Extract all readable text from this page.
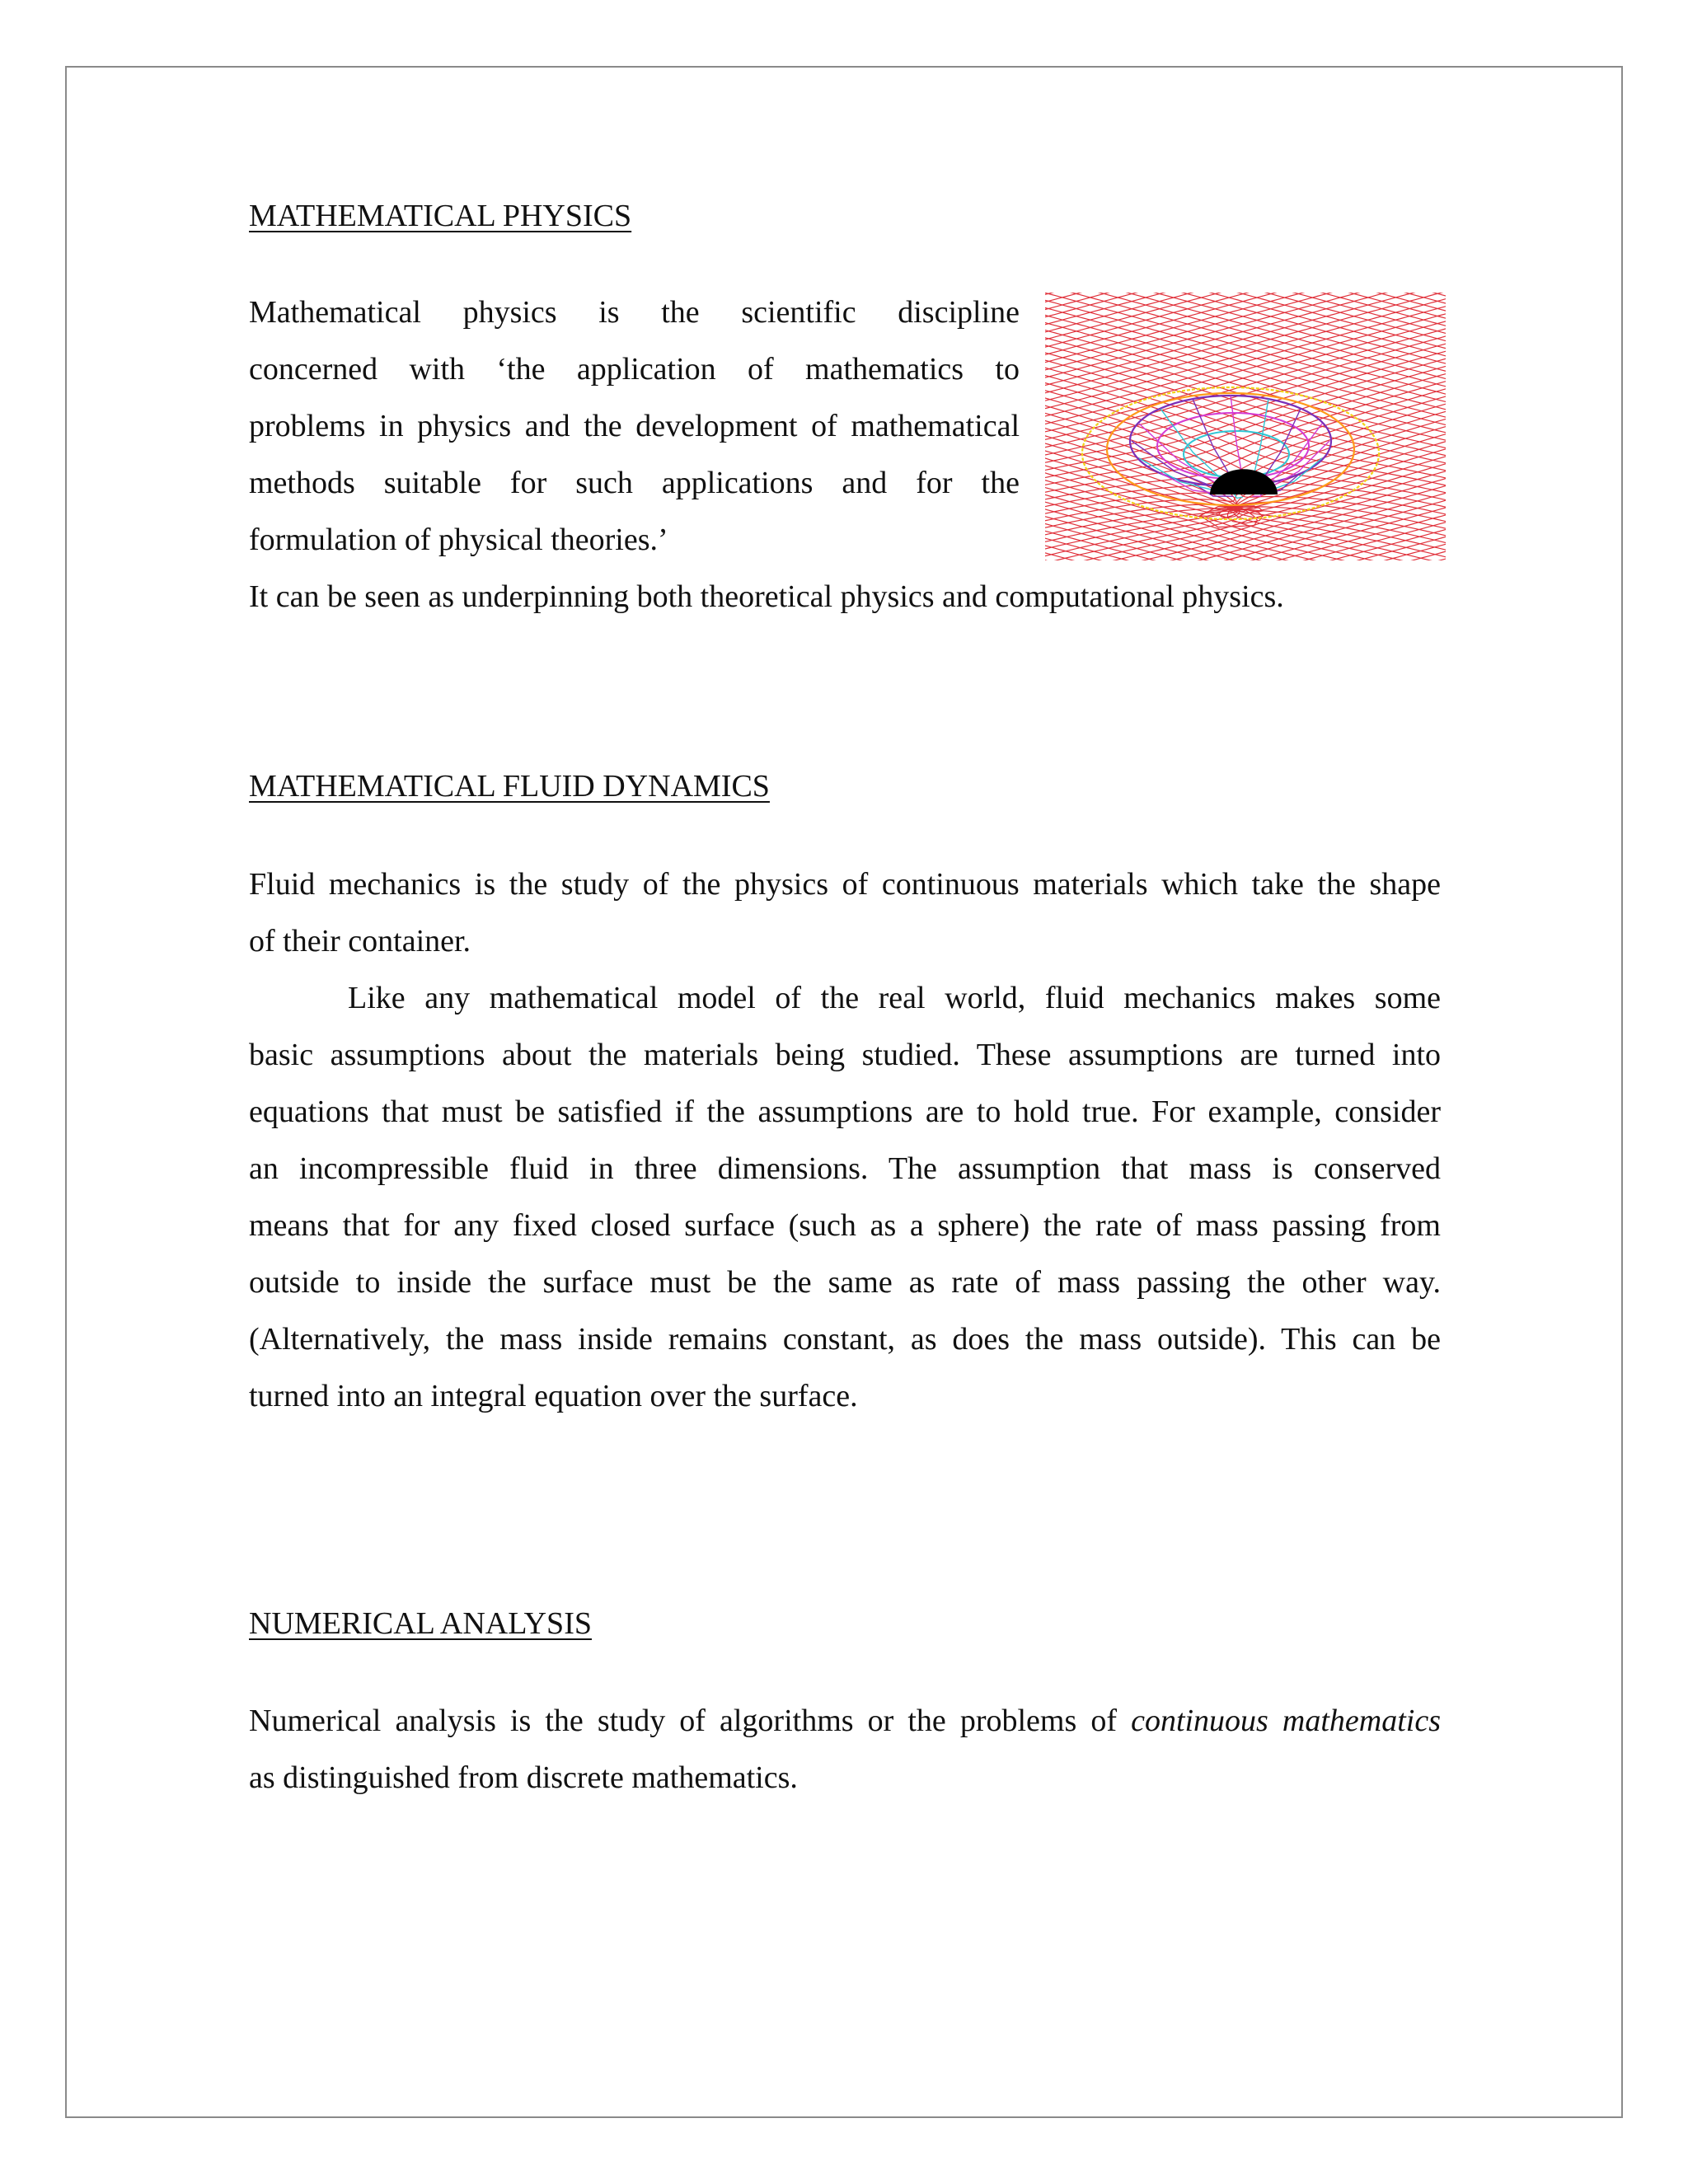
MATHEMATICAL PHYSICS
Mathematical physics is the scientific discipline
concerned with ‘the application of mathematics to
problems in physics and the development of mathematical
methods suitable for such applications and for the
formulation of physical theories.’
It can be seen as underpinning both theoretical physics and computational physics.
MATHEMATICAL FLUID DYNAMICS
Fluid mechanics is the study of the physics of continuous materials which take the shape
of their container.
Like any mathematical model of the real world, fluid mechanics makes some
basic assumptions about the materials being studied. These assumptions are turned into
equations that must be satisfied if the assumptions are to hold true. For example, consider
an incompressible fluid in three dimensions. The assumption that mass is conserved
means that for any fixed closed surface (such as a sphere) the rate of mass passing from
outside to inside the surface must be the same as rate of mass passing the other way.
(Alternatively, the mass inside remains constant, as does the mass outside). This can be
turned into an integral equation over the surface.
NUMERICAL ANALYSIS
Numerical analysis is the study of algorithms or the problems of continuous mathematics
as distinguished from discrete mathematics.
